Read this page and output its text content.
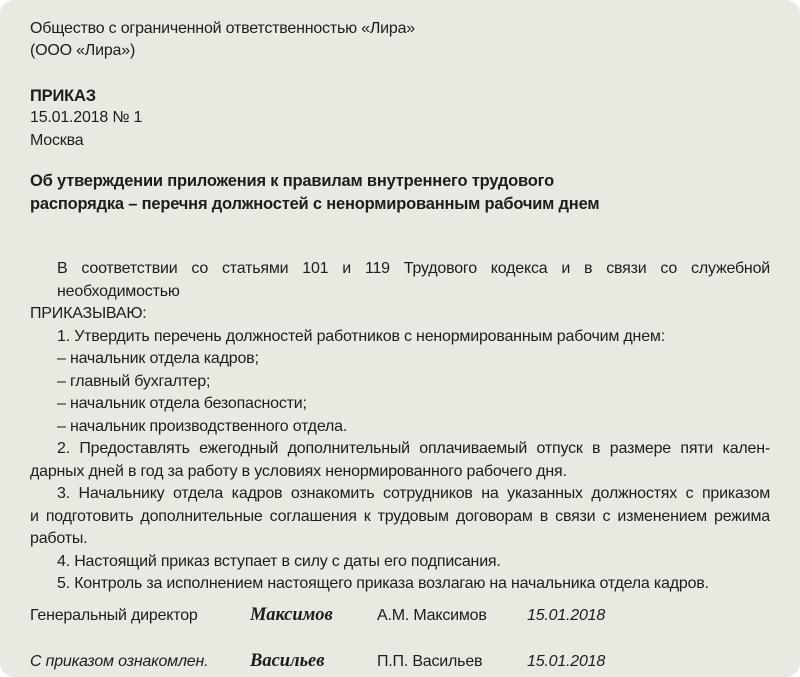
Общество с ограниченной ответственностью «Лира»
(ООО «Лира»)
ПРИКАЗ
15.01.2018 № 1
Москва
Об утверждении приложения к правилам внутреннего трудового
распорядка – перечня должностей с ненормированным рабочим днем
В соответствии со статьями 101 и 119 Трудового кодекса и в связи со служебной необходимостью
ПРИКАЗЫВАЮ:
1. Утвердить перечень должностей работников с ненормированным рабочим днем:
– начальник отдела кадров;
– главный бухгалтер;
– начальник отдела безопасности;
– начальник производственного отдела.
2. Предоставлять ежегодный дополнительный оплачиваемый отпуск в размере пяти кален-
дарных дней в год за работу в условиях ненормированного рабочего дня.
3. Начальнику отдела кадров ознакомить сотрудников на указанных должностях с приказом
и подготовить дополнительные соглашения к трудовым договорам в связи с изменением режима
работы.
4. Настоящий приказ вступает в силу с даты его подписания.
5. Контроль за исполнением настоящего приказа возлагаю на начальника отдела кадров.
Генеральный директор	Максимов	А.М. Максимов	15.01.2018
С приказом ознакомлен.	Васильев	П.П. Васильев	15.01.2018
